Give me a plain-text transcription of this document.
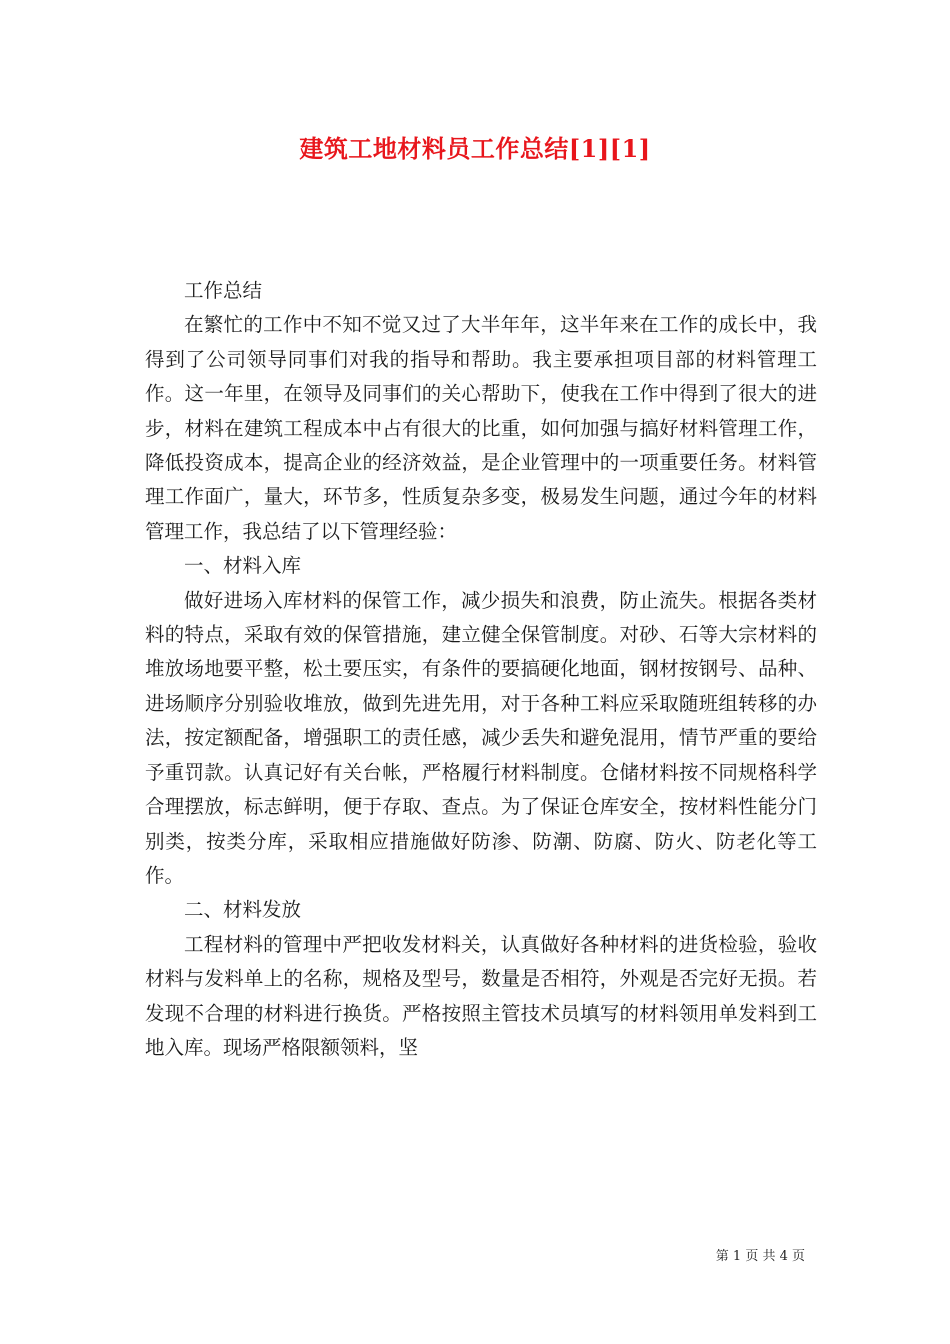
建筑工地材料员工作总结[1][1]

工作总结

在繁忙的工作中不知不觉又过了大半年年，这半年来在工作的成长中，我得到了公司领导同事们对我的指导和帮助。我主要承担项目部的材料管理工作。这一年里，在领导及同事们的关心帮助下，使我在工作中得到了很大的进步，材料在建筑工程成本中占有很大的比重，如何加强与搞好材料管理工作，降低投资成本，提高企业的经济效益，是企业管理中的一项重要任务。材料管理工作面广，量大，环节多，性质复杂多变，极易发生问题，通过今年的材料管理工作，我总结了以下管理经验：

一、材料入库

做好进场入库材料的保管工作，减少损失和浪费，防止流失。根据各类材料的特点，采取有效的保管措施，建立健全保管制度。对砂、石等大宗材料的堆放场地要平整，松土要压实，有条件的要搞硬化地面，钢材按钢号、品种、进场顺序分别验收堆放，做到先进先用，对于各种工料应采取随班组转移的办法，按定额配备，增强职工的责任感，减少丢失和避免混用，情节严重的要给予重罚款。认真记好有关台帐，严格履行材料制度。仓储材料按不同规格科学合理摆放，标志鲜明，便于存取、查点。为了保证仓库安全，按材料性能分门别类，按类分库，采取相应措施做好防渗、防潮、防腐、防火、防老化等工作。

二、材料发放

工程材料的管理中严把收发材料关，认真做好各种材料的进货检验，验收材料与发料单上的名称，规格及型号，数量是否相符，外观是否完好无损。若发现不合理的材料进行换货。严格按照主管技术员填写的材料领用单发料到工地入库。现场严格限额领料，坚

第 1 页 共 4 页
